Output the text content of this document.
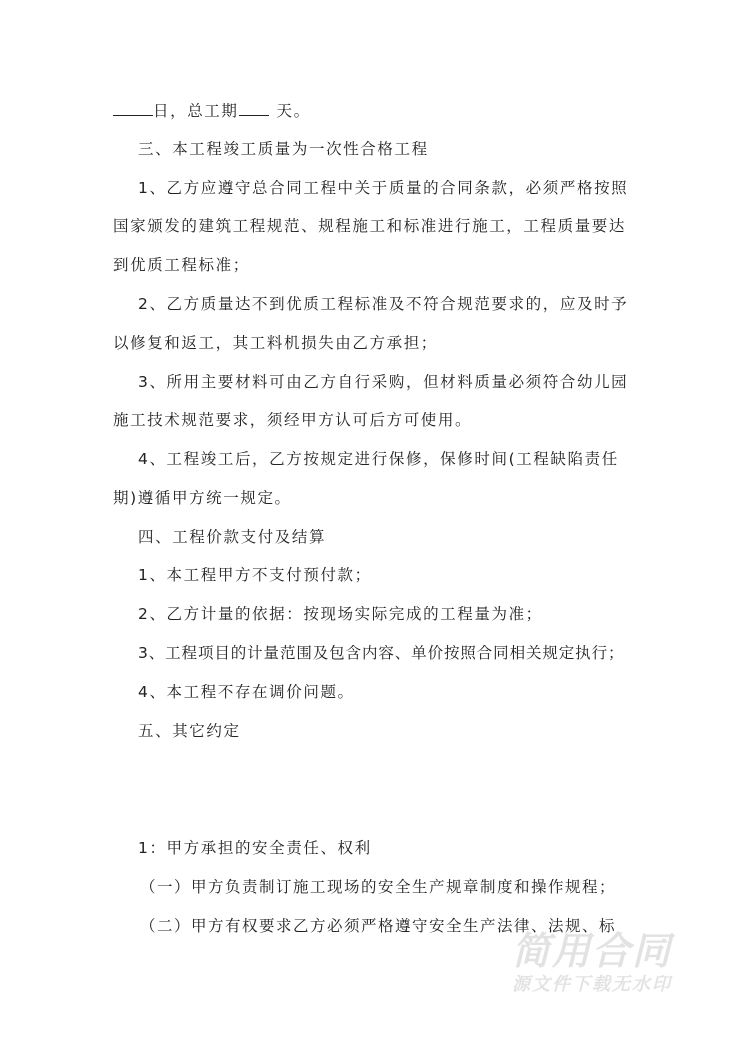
日，总工期 天。
三、本工程竣工质量为一次性合格工程
1、乙方应遵守总合同工程中关于质量的合同条款，必须严格按照
国家颁发的建筑工程规范、规程施工和标准进行施工，工程质量要达
到优质工程标准；
2、乙方质量达不到优质工程标准及不符合规范要求的，应及时予
以修复和返工，其工料机损失由乙方承担；
3、所用主要材料可由乙方自行采购，但材料质量必须符合幼儿园
施工技术规范要求，须经甲方认可后方可使用。
4、工程竣工后，乙方按规定进行保修，保修时间(工程缺陷责任
期)遵循甲方统一规定。
四、工程价款支付及结算
1、本工程甲方不支付预付款；
2、乙方计量的依据：按现场实际完成的工程量为准；
3、工程项目的计量范围及包含内容、单价按照合同相关规定执行；
4、本工程不存在调价问题。
五、其它约定
1：甲方承担的安全责任、权利
（一）甲方负责制订施工现场的安全生产规章制度和操作规程；
（二）甲方有权要求乙方必须严格遵守安全生产法律、法规、标
简用合同
源文件下载无水印
